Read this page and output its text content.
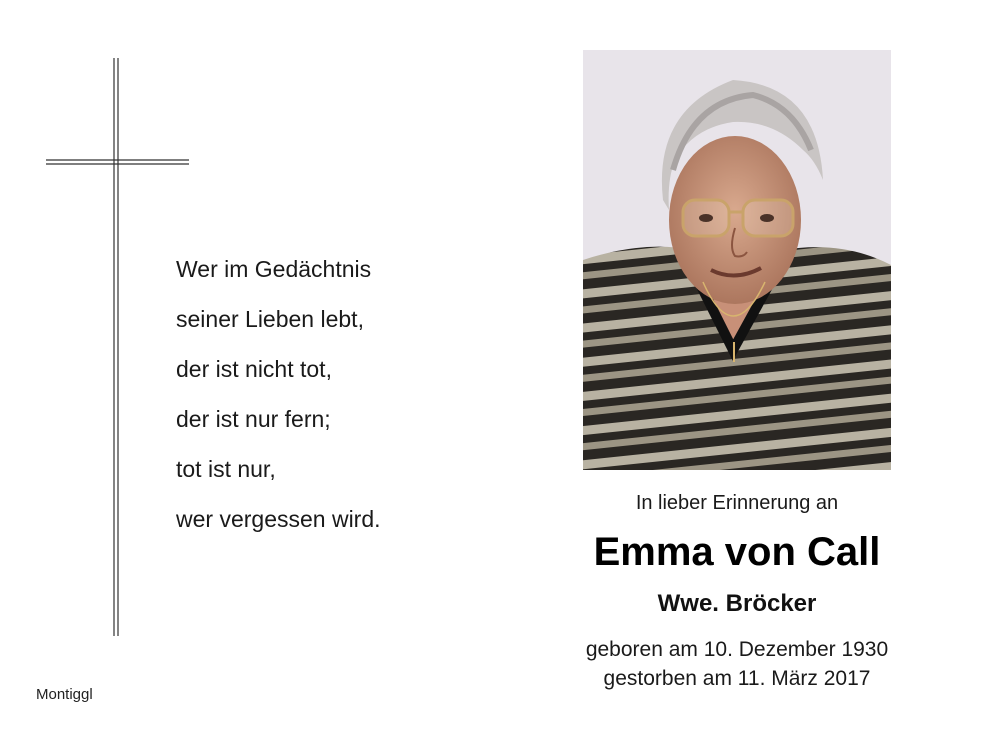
Wer im Gedächtnis
seiner Lieben lebt,
der ist nicht tot,
der ist nur fern;
tot ist nur,
wer vergessen wird.
In lieber Erinnerung an
Emma von Call
Wwe. Bröcker
geboren am 10. Dezember 1930
gestorben am 11. März 2017
Montiggl
